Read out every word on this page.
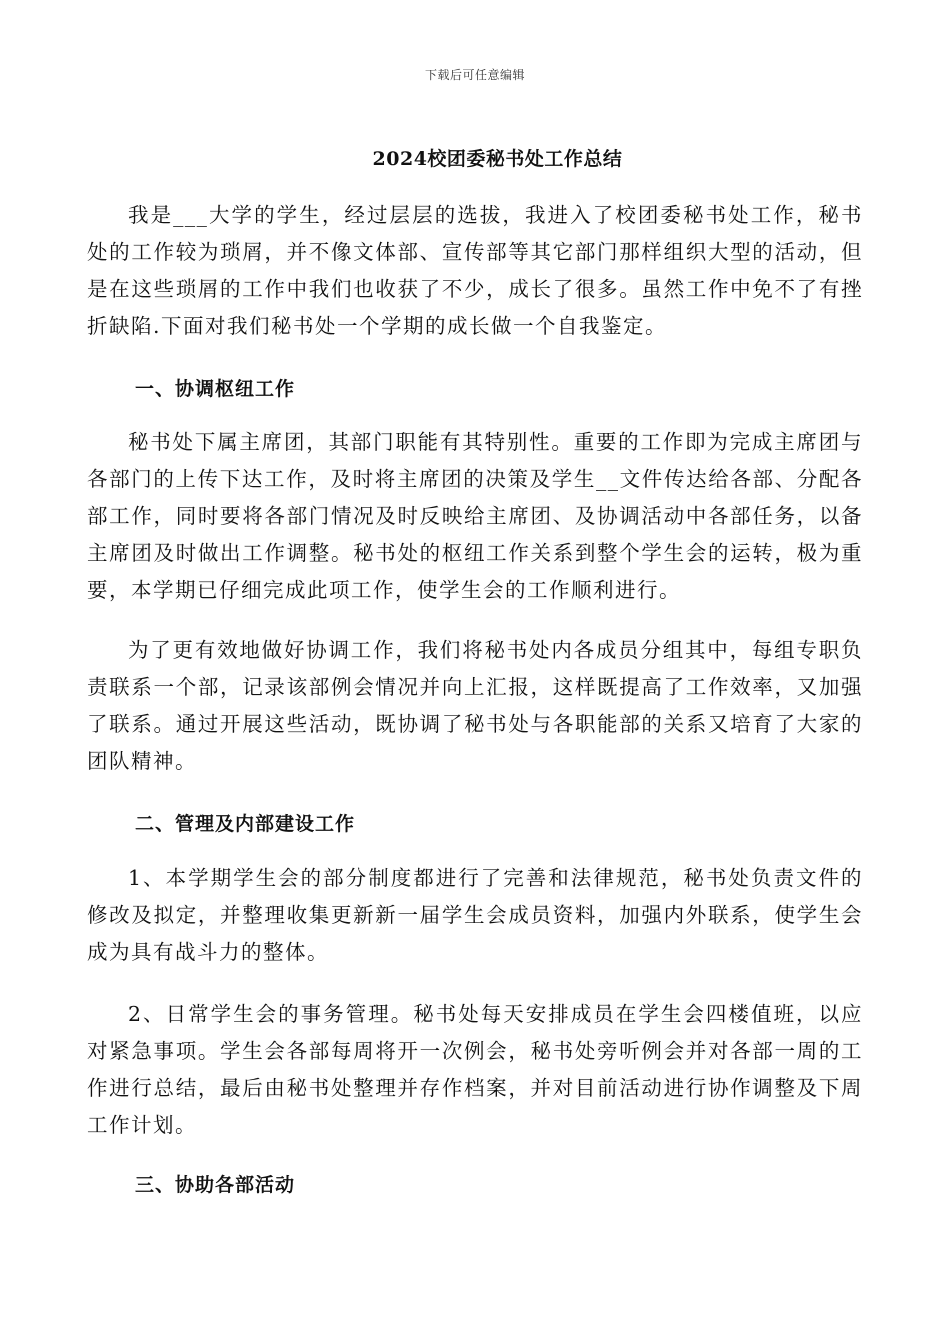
下载后可任意编辑
2024校团委秘书处工作总结

我是___大学的学生，经过层层的选拔，我进入了校团委秘书处工作，秘书处的工作较为琐屑，并不像文体部、宣传部等其它部门那样组织大型的活动，但是在这些琐屑的工作中我们也收获了不少，成长了很多。虽然工作中免不了有挫折缺陷.下面对我们秘书处一个学期的成长做一个自我鉴定。

一、协调枢纽工作

秘书处下属主席团，其部门职能有其特别性。重要的工作即为完成主席团与各部门的上传下达工作，及时将主席团的决策及学生__文件传达给各部、分配各部工作，同时要将各部门情况及时反映给主席团、及协调活动中各部任务，以备主席团及时做出工作调整。秘书处的枢纽工作关系到整个学生会的运转，极为重要，本学期已仔细完成此项工作，使学生会的工作顺利进行。

为了更有效地做好协调工作，我们将秘书处内各成员分组其中，每组专职负责联系一个部，记录该部例会情况并向上汇报，这样既提高了工作效率，又加强了联系。通过开展这些活动，既协调了秘书处与各职能部的关系又培育了大家的团队精神。

二、管理及内部建设工作

1、本学期学生会的部分制度都进行了完善和法律规范，秘书处负责文件的修改及拟定，并整理收集更新新一届学生会成员资料，加强内外联系，使学生会成为具有战斗力的整体。

2、日常学生会的事务管理。秘书处每天安排成员在学生会四楼值班，以应对紧急事项。学生会各部每周将开一次例会，秘书处旁听例会并对各部一周的工作进行总结，最后由秘书处整理并存作档案，并对目前活动进行协作调整及下周工作计划。

三、协助各部活动
